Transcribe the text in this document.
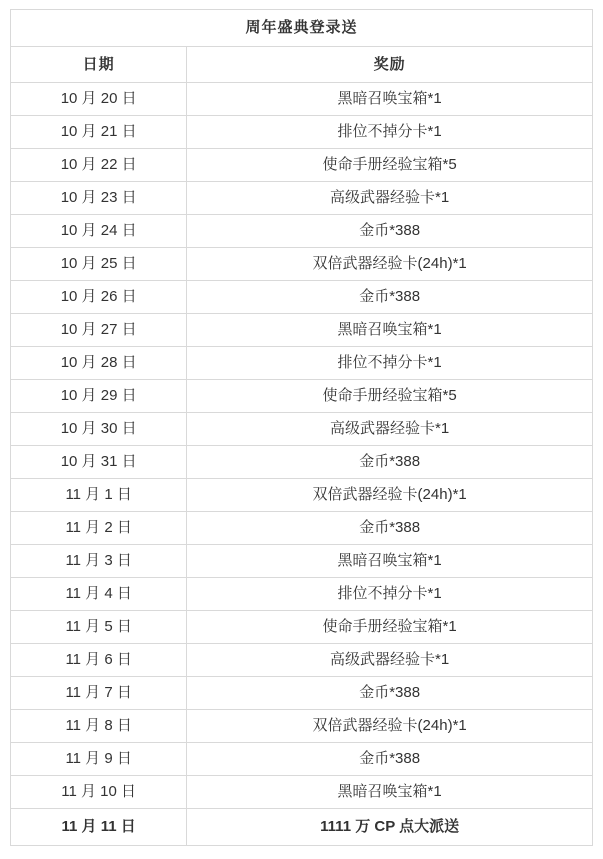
周年盛典登录送	
日期	奖励
10 月 20 日	黑暗召唤宝箱*1
10 月 21 日	排位不掉分卡*1
10 月 22 日	使命手册经验宝箱*5
10 月 23 日	高级武器经验卡*1
10 月 24 日	金币*388
10 月 25 日	双倍武器经验卡(24h)*1
10 月 26 日	金币*388
10 月 27 日	黑暗召唤宝箱*1
10 月 28 日	排位不掉分卡*1
10 月 29 日	使命手册经验宝箱*5
10 月 30 日	高级武器经验卡*1
10 月 31 日	金币*388
11 月 1 日	双倍武器经验卡(24h)*1
11 月 2 日	金币*388
11 月 3 日	黑暗召唤宝箱*1
11 月 4 日	排位不掉分卡*1
11 月 5 日	使命手册经验宝箱*1
11 月 6 日	高级武器经验卡*1
11 月 7 日	金币*388
11 月 8 日	双倍武器经验卡(24h)*1
11 月 9 日	金币*388
11 月 10 日	黑暗召唤宝箱*1
11 月 11 日	1111 万 CP 点大派送
